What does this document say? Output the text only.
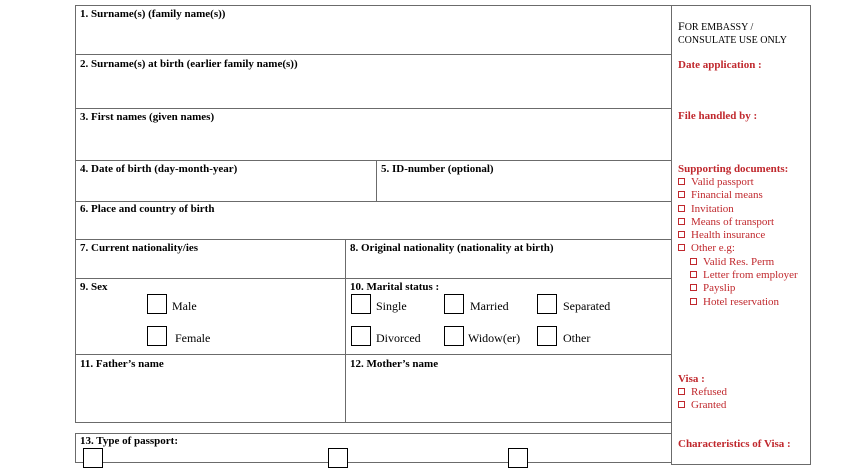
1. Surname(s) (family name(s))
2. Surname(s) at birth (earlier family name(s))
3. First names (given names)
4. Date of birth (day-month-year)	5. ID-number (optional)
6. Place and country of birth
7. Current nationality/ies	8. Original nationality (nationality at birth)
9. Sex	10. Marital status :
11. Father’s name	12. Mother’s name
13. Type of passport:
Male
Female
Single	Married	Separated
Divorced	Widow(er)	Other
FOR EMBASSY /
CONSULATE USE ONLY
Date application :
File handled by :
Supporting documents:
Valid passport
Financial means
Invitation
Means of transport
Health insurance
Other e.g:
Valid Res. Perm
Letter from employer
Payslip
Hotel reservation
Visa :
Refused
Granted
Characteristics of Visa :
